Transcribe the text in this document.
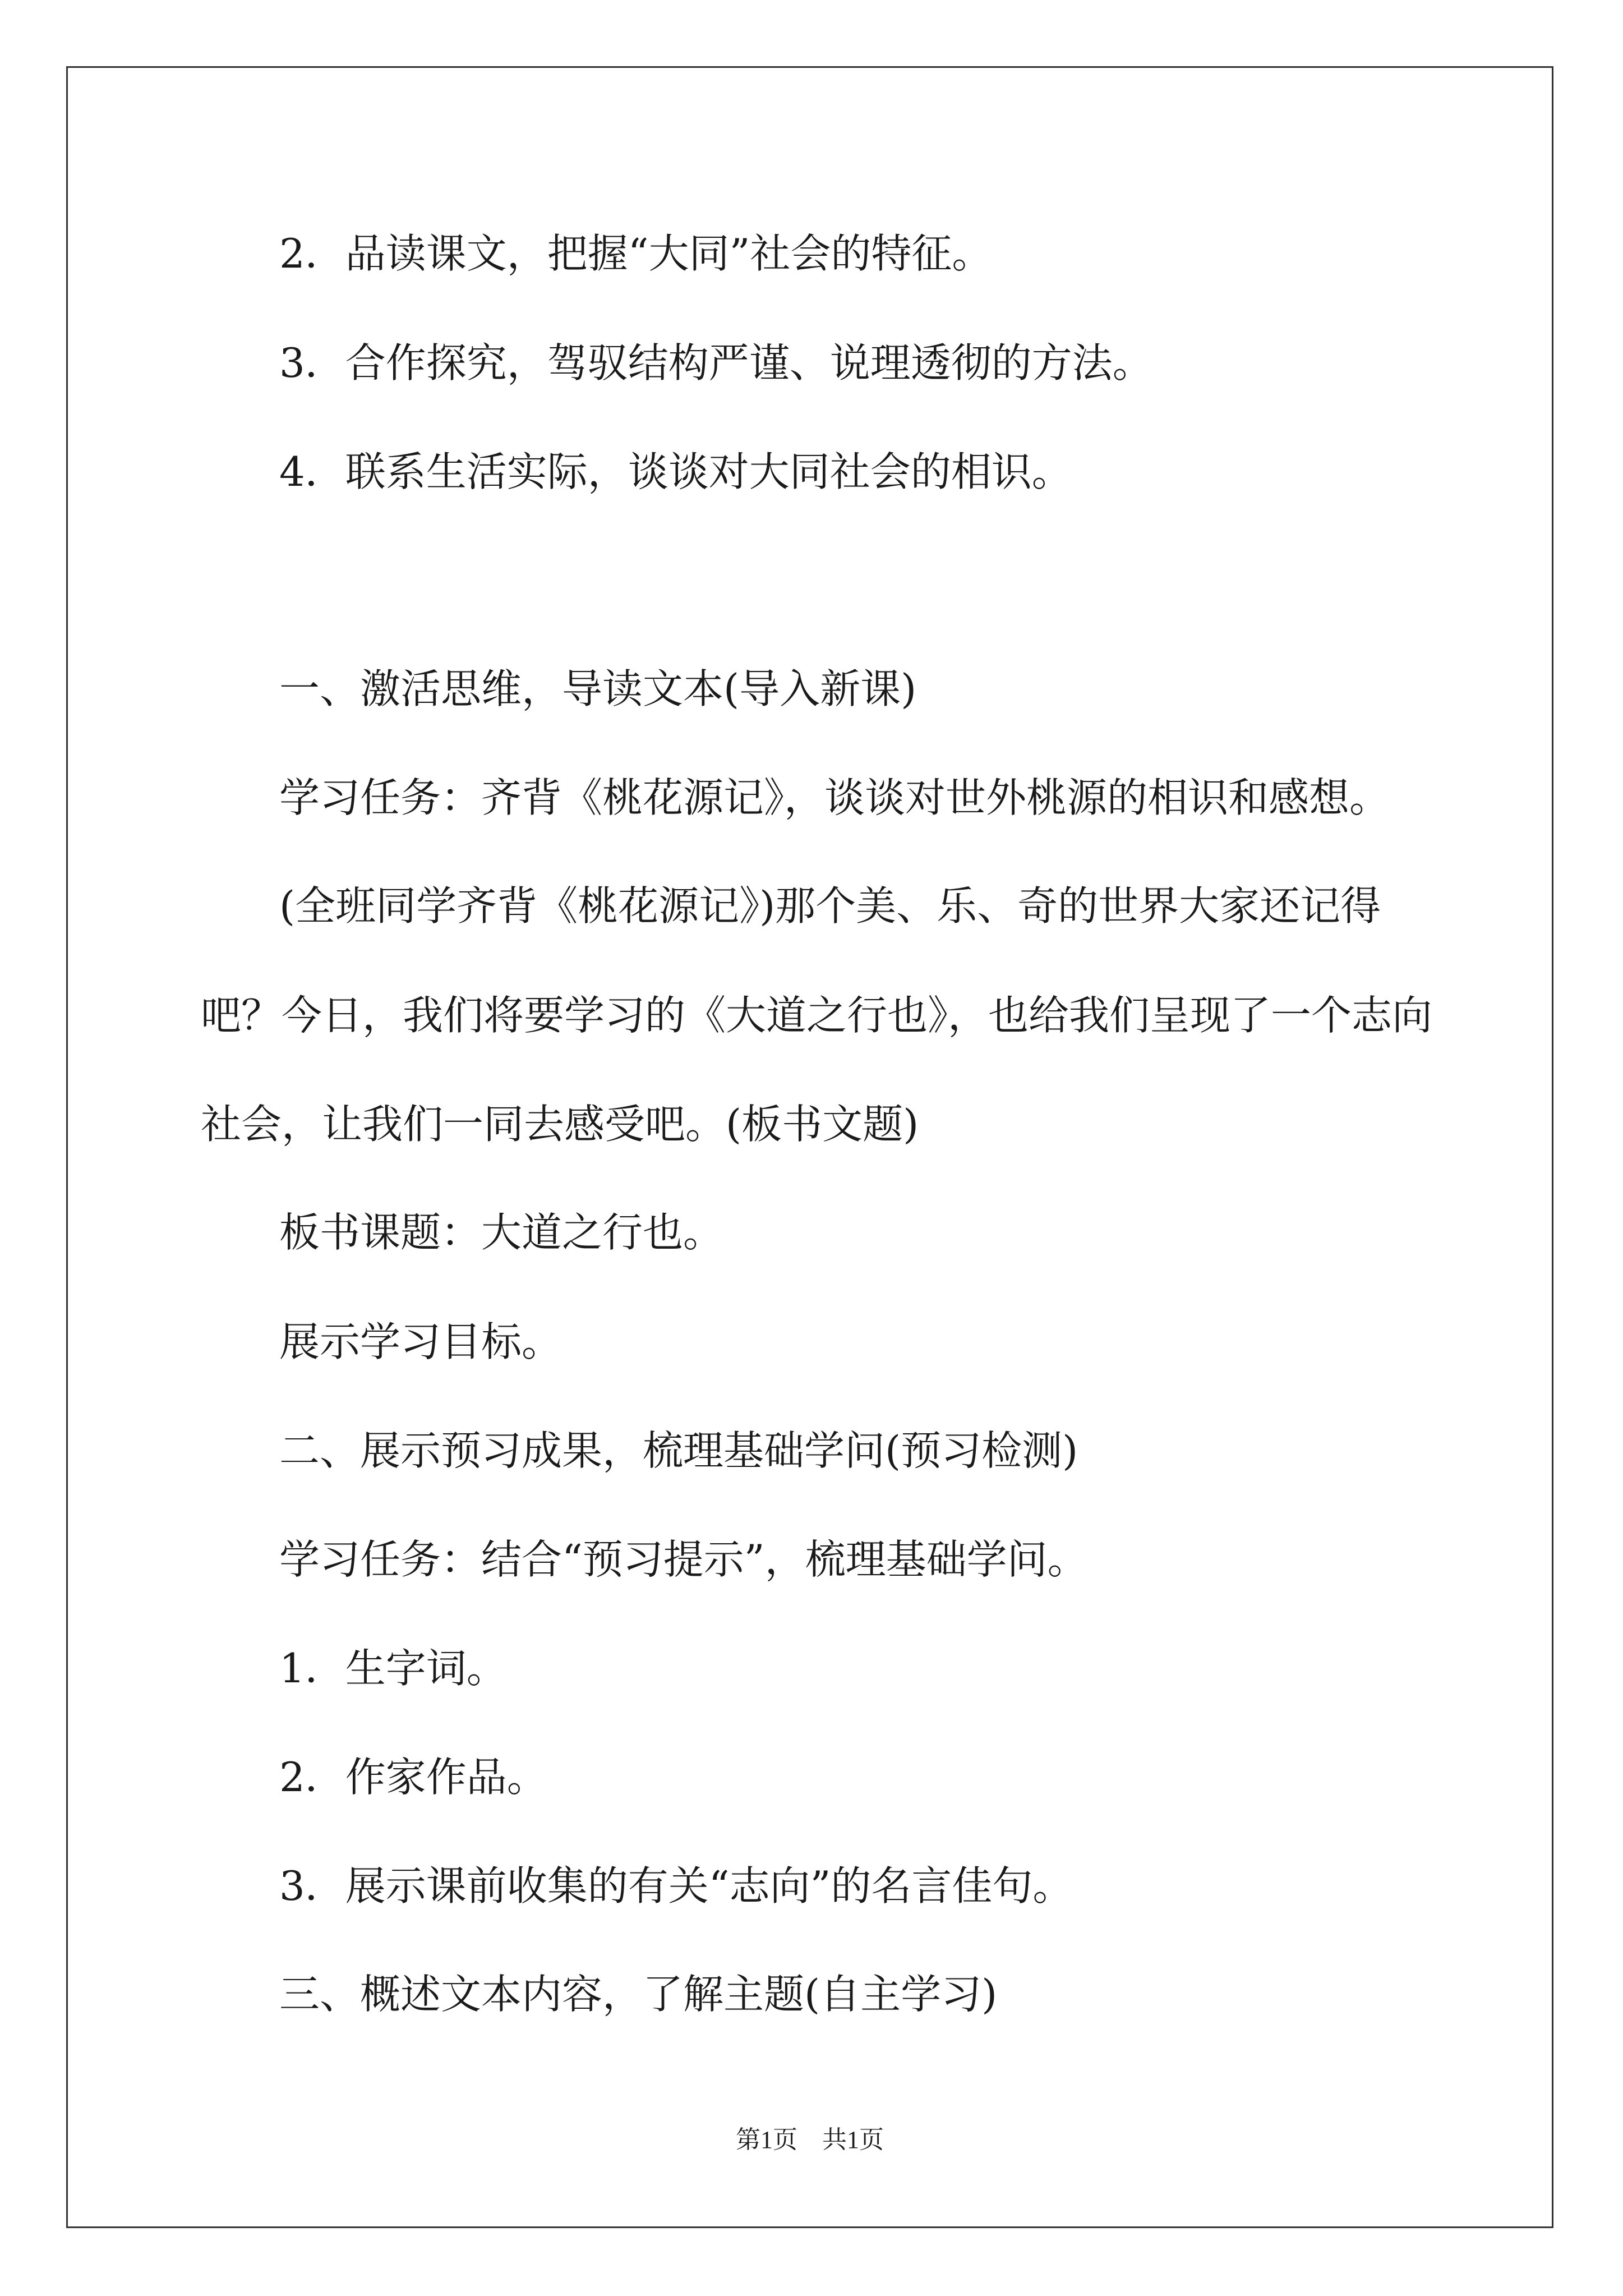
2．品读课文，把握“大同”社会的特征。
3．合作探究，驾驭结构严谨、说理透彻的方法。
4．联系生活实际，谈谈对大同社会的相识。
一、激活思维，导读文本(导入新课)
学习任务：齐背《桃花源记》，谈谈对世外桃源的相识和感想。
(全班同学齐背《桃花源记》)那个美、乐、奇的世界大家还记得
吧？今日，我们将要学习的《大道之行也》，也给我们呈现了一个志向
社会，让我们一同去感受吧。(板书文题)
板书课题：大道之行也。
展示学习目标。
二、展示预习成果，梳理基础学问(预习检测)
学习任务：结合“预习提示”，梳理基础学问。
1．生字词。
2．作家作品。
3．展示课前收集的有关“志向”的名言佳句。
三、概述文本内容，了解主题(自主学习)
第1页　共1页
